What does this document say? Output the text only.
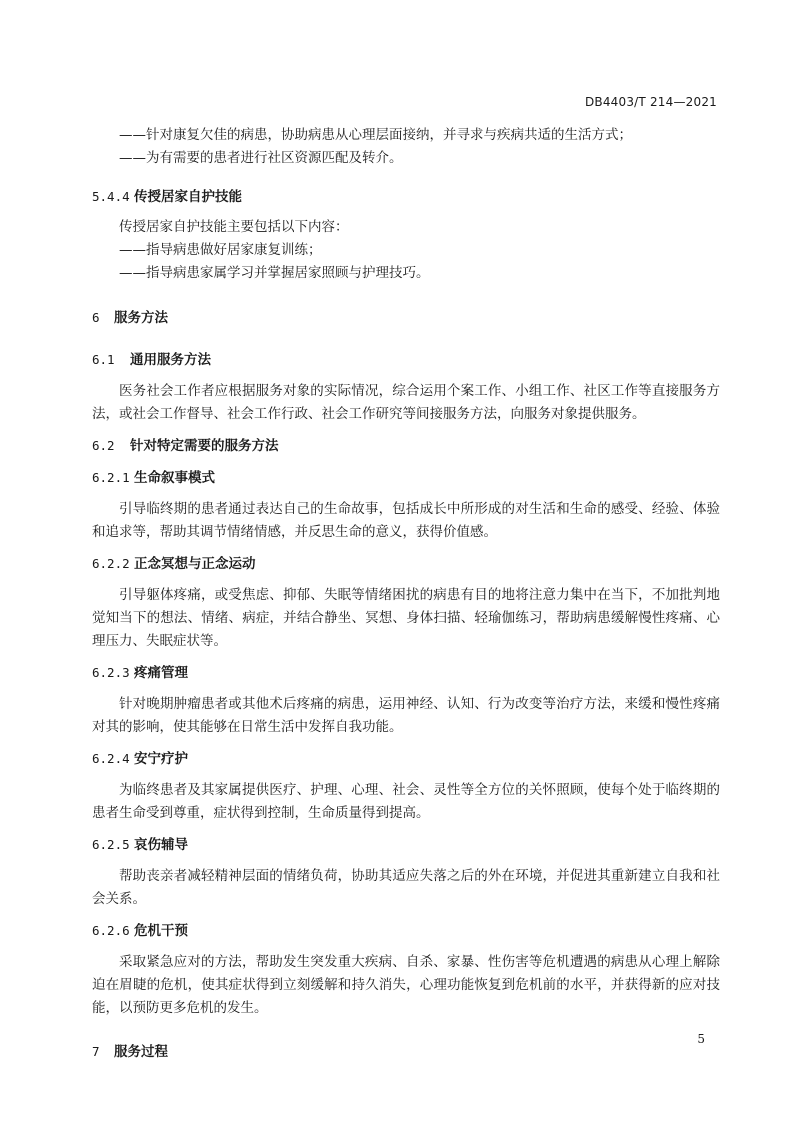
DB4403/T 214—2021

——针对康复欠佳的病患，协助病患从心理层面接纳，并寻求与疾病共适的生活方式；

——为有需要的患者进行社区资源匹配及转介。

5.4.4 传授居家自护技能

传授居家自护技能主要包括以下内容：

——指导病患做好居家康复训练；

——指导病患家属学习并掌握居家照顾与护理技巧。

6 服务方法

6.1 通用服务方法

医务社会工作者应根据服务对象的实际情况，综合运用个案工作、小组工作、社区工作等直接服务方法，或社会工作督导、社会工作行政、社会工作研究等间接服务方法，向服务对象提供服务。

6.2 针对特定需要的服务方法

6.2.1 生命叙事模式

引导临终期的患者通过表达自己的生命故事，包括成长中所形成的对生活和生命的感受、经验、体验和追求等，帮助其调节情绪情感，并反思生命的意义，获得价值感。

6.2.2 正念冥想与正念运动

引导躯体疼痛，或受焦虑、抑郁、失眠等情绪困扰的病患有目的地将注意力集中在当下，不加批判地觉知当下的想法、情绪、病症，并结合静坐、冥想、身体扫描、轻瑜伽练习，帮助病患缓解慢性疼痛、心理压力、失眠症状等。

6.2.3 疼痛管理

针对晚期肿瘤患者或其他术后疼痛的病患，运用神经、认知、行为改变等治疗方法，来缓和慢性疼痛对其的影响，使其能够在日常生活中发挥自我功能。

6.2.4 安宁疗护

为临终患者及其家属提供医疗、护理、心理、社会、灵性等全方位的关怀照顾，使每个处于临终期的患者生命受到尊重，症状得到控制，生命质量得到提高。

6.2.5 哀伤辅导

帮助丧亲者减轻精神层面的情绪负荷，协助其适应失落之后的外在环境，并促进其重新建立自我和社会关系。

6.2.6 危机干预

采取紧急应对的方法，帮助发生突发重大疾病、自杀、家暴、性伤害等危机遭遇的病患从心理上解除迫在眉睫的危机，使其症状得到立刻缓解和持久消失，心理功能恢复到危机前的水平，并获得新的应对技能，以预防更多危机的发生。

7 服务过程

5
